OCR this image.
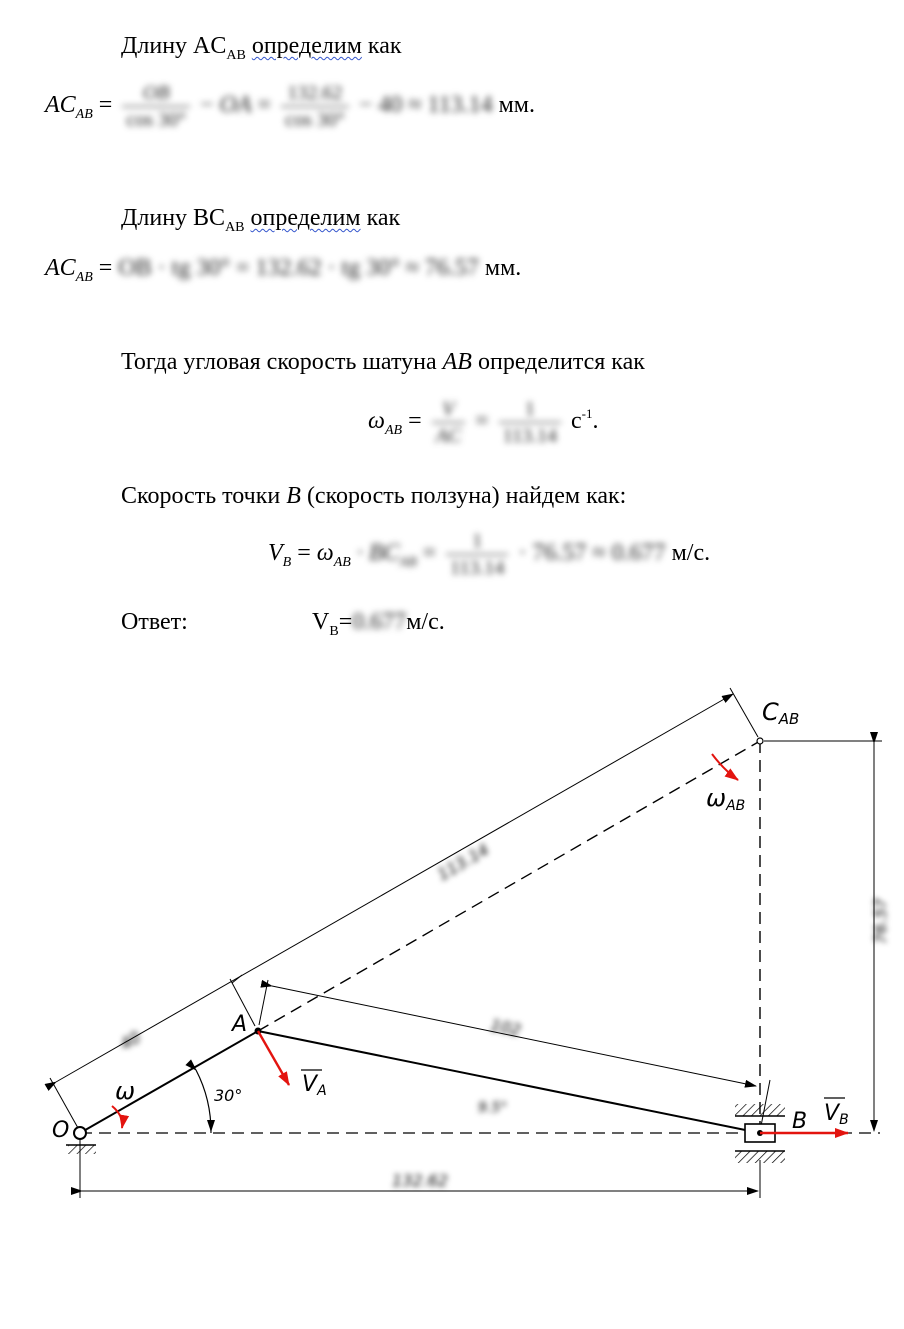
Длину $AC_{AB}$ определим как
$AC_{AB} = \frac{OB}{\cos 30^\circ}$ − OA = $\frac{132.62}{\cos 30^\circ} - 40 \approx 113.14$ мм.
Длину $BC_{AB}$ определим как
$AC_{AB}$ = OB · tg 30° = 132.62 · tg 30° ≈ 76.57 мм.
Тогда угловая скорость шатуна AB определится как
$\omega_{AB} = \frac{V}{AC} = \frac{1}{113.14} с^{-1}$.
Скорость точки B (скорость ползуна) найдем как:
$V_B = \omega_{AB} \cdot BC_{AB} = \frac{1}{113.14} \cdot 76.57 \approx 0.677$ м/с.
Ответ:	$V_B=0.677м/с$.
O
A
B
CAB
ω
ωAB
VA
VB
30°
40
113.14
102
9.5°
76.57
132.62
